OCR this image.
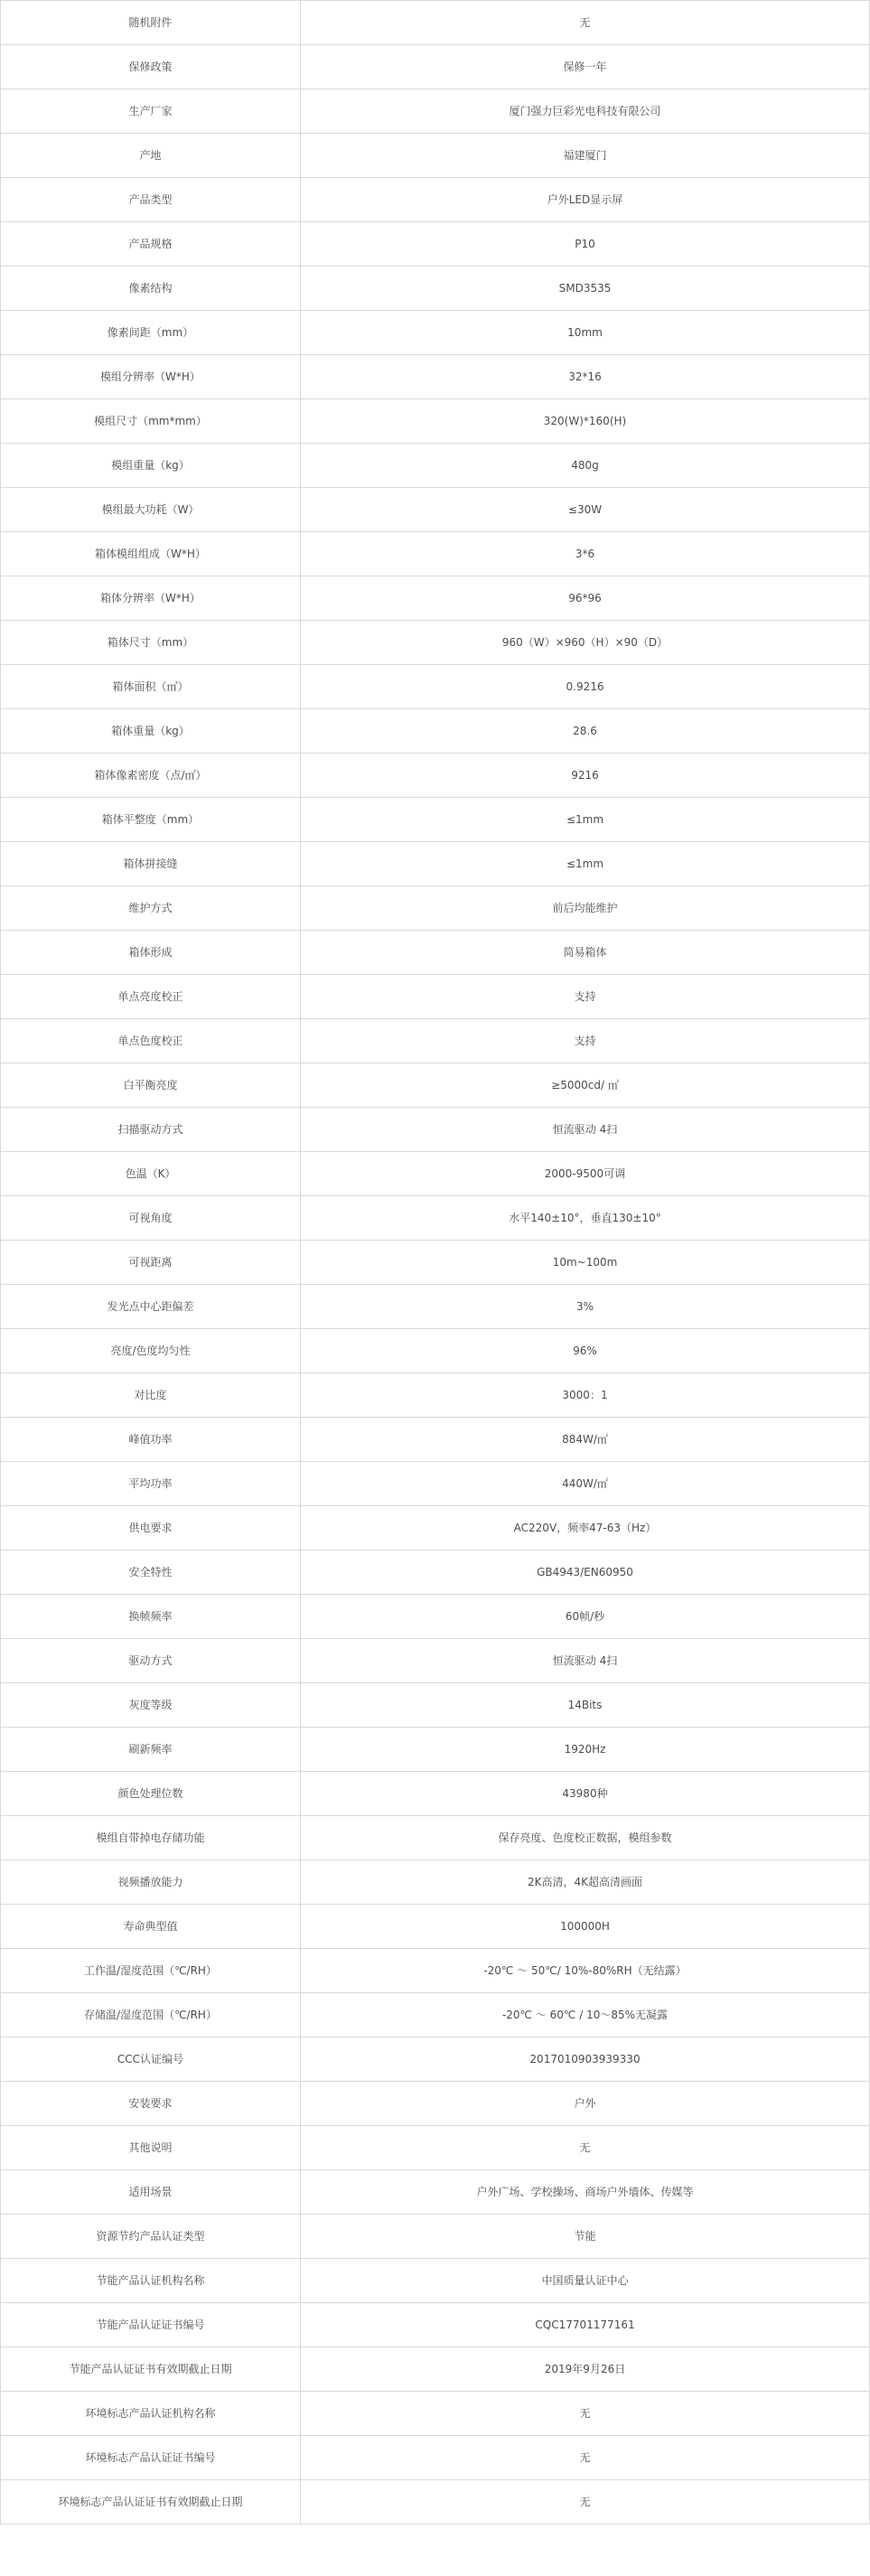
随机附件	无
保修政策	保修一年
生产厂家	厦门强力巨彩光电科技有限公司
产地	福建厦门
产品类型	户外LED显示屏
产品规格	P10
像素结构	SMD3535
像素间距（mm）	10mm
模组分辨率（W*H）	32*16
模组尺寸（mm*mm）	320(W)*160(H)
模组重量（kg）	480g
模组最大功耗（W）	≤30W
箱体模组组成（W*H）	3*6
箱体分辨率（W*H）	96*96
箱体尺寸（mm）	960（W）×960（H）×90（D）
箱体面积（㎡）	0.9216
箱体重量（kg）	28.6
箱体像素密度（点/㎡）	9216
箱体平整度（mm）	≤1mm
箱体拼接缝	≤1mm
维护方式	前后均能维护
箱体形成	简易箱体
单点亮度校正	支持
单点色度校正	支持
白平衡亮度	≥5000cd/ ㎡
扫描驱动方式	恒流驱动 4扫
色温（K）	2000-9500可调
可视角度	水平140±10°，垂直130±10°
可视距离	10m~100m
发光点中心距偏差	3%
亮度/色度均匀性	96%
对比度	3000：1
峰值功率	884W/㎡
平均功率	440W/㎡
供电要求	AC220V，频率47-63（Hz）
安全特性	GB4943/EN60950
换帧频率	60帧/秒
驱动方式	恒流驱动 4扫
灰度等级	14Bits
刷新频率	1920Hz
颜色处理位数	43980种
模组自带掉电存储功能	保存亮度、色度校正数据，模组参数
视频播放能力	2K高清，4K超高清画面
寿命典型值	100000H
工作温/湿度范围（℃/RH）	-20℃ ～ 50℃/ 10%-80%RH（无结露）
存储温/湿度范围（℃/RH）	-20℃ ～ 60℃ / 10～85%无凝露
CCC认证编号	2017010903939330
安装要求	户外
其他说明	无
适用场景	户外广场、学校操场、商场户外墙体、传媒等
资源节约产品认证类型	节能
节能产品认证机构名称	中国质量认证中心
节能产品认证证书编号	CQC17701177161
节能产品认证证书有效期截止日期	2019年9月26日
环境标志产品认证机构名称	无
环境标志产品认证证书编号	无
环境标志产品认证证书有效期截止日期	无
